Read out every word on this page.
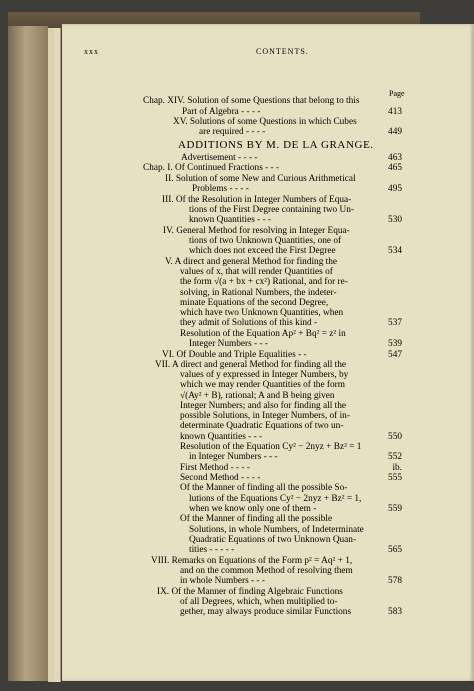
xxx	CONTENTS.
Page
ADDITIONS BY M. DE LA GRANGE.
Chap. XIV. Solution of some Questions that belong to this
Part of Algebra - - - -	413
XV. Solutions of some Questions in which Cubes
are required - - - -	449
Advertisement - - - -	463
Chap. I. Of Continued Fractions - - -	465
II. Solution of some New and Curious Arithmetical
Problems - - - -	495
III. Of the Resolution in Integer Numbers of Equa-
tions of the First Degree containing two Un-
known Quantities - - -	530
IV. General Method for resolving in Integer Equa-
tions of two Unknown Quantities, one of
which does not exceed the First Degree	534
V. A direct and general Method for finding the
values of x, that will render Quantities of
the form √(a + bx + cx²) Rational, and for re-
solving, in Rational Numbers, the indeter-
minate Equations of the second Degree,
which have two Unknown Quantities, when
they admit of Solutions of this kind -	537
Resolution of the Equation Ap² + Bq² = z² in
Integer Numbers - - -	539
VI. Of Double and Triple Equalities - -	547
VII. A direct and general Method for finding all the
values of y expressed in Integer Numbers, by
which we may render Quantities of the form
√(Ay² + B), rational; A and B being given
Integer Numbers; and also for finding all the
possible Solutions, in Integer Numbers, of in-
determinate Quadratic Equations of two un-
known Quantities - - -	550
Resolution of the Equation Cy² − 2nyz + Bz² = 1
in Integer Numbers - - -	552
First Method - - - -	ib.
Second Method - - - -	555
Of the Manner of finding all the possible So-
lutions of the Equations Cy² − 2nyz + Bz² = 1,
when we know only one of them -	559
Of the Manner of finding all the possible
Solutions, in whole Numbers, of Indeterminate
Quadratic Equations of two Unknown Quan-
tities - - - - -	565
VIII. Remarks on Equations of the Form p² = Aq² + 1,
and on the common Method of resolving them
in whole Numbers - - -	578
IX. Of the Manner of finding Algebraic Functions
of all Degrees, which, when multiplied to-
gether, may always produce similar Functions	583
